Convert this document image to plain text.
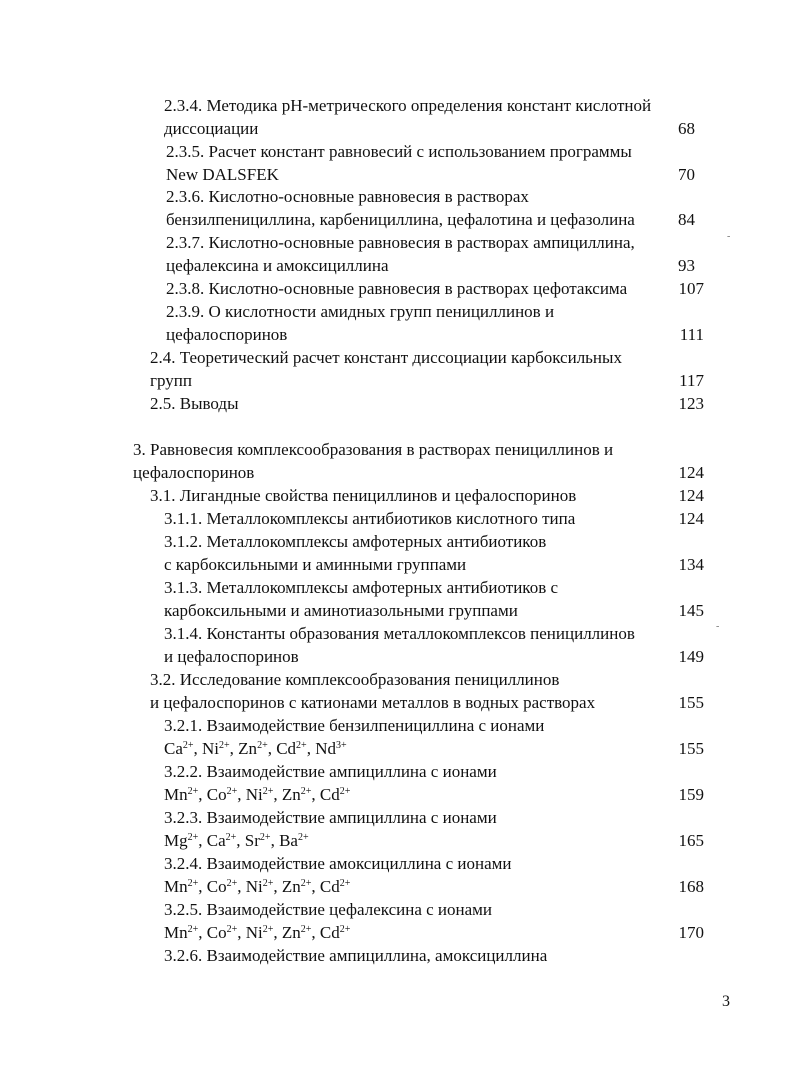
2.3.4. Методика pH-метрического определения констант кислотной
диссоциации	68
2.3.5. Расчет констант равновесий с использованием программы
New DALSFEK	70
2.3.6. Кислотно-основные равновесия в растворах
бензилпенициллина, карбенициллина, цефалотина и цефазолина	84
2.3.7. Кислотно-основные равновесия в растворах ампициллина,
цефалексина и амоксициллина	93
2.3.8. Кислотно-основные равновесия в растворах цефотаксима	107
2.3.9. О кислотности амидных групп пенициллинов и
цефалоспоринов	111
2.4. Теоретический расчет констант диссоциации карбоксильных
групп	117
2.5. Выводы	123
3. Равновесия комплексообразования в растворах пенициллинов и
цефалоспоринов	124
3.1. Лигандные свойства пенициллинов и цефалоспоринов	124
3.1.1. Металлокомплексы антибиотиков кислотного типа	124
3.1.2. Металлокомплексы амфотерных антибиотиков
с карбоксильными и аминными группами	134
3.1.3. Металлокомплексы амфотерных антибиотиков с
карбоксильными и аминотиазольными группами	145
3.1.4. Константы образования металлокомплексов пенициллинов
и цефалоспоринов	149
3.2. Исследование комплексообразования пенициллинов
и цефалоспоринов с катионами металлов в водных растворах	155
3.2.1. Взаимодействие бензилпенициллина с ионами
$Ca^{2+}$, $Ni^{2+}$, $Zn^{2+}$, $Cd^{2+}$, $Nd^{3+}$	155
3.2.2. Взаимодействие ампициллина с ионами
$Mn^{2+}$, $Co^{2+}$, $Ni^{2+}$, $Zn^{2+}$, $Cd^{2+}$	159
3.2.3. Взаимодействие ампициллина с ионами
$Mg^{2+}$, $Ca^{2+}$, $Sr^{2+}$, $Ba^{2+}$	165
3.2.4. Взаимодействие амоксициллина с ионами
$Mn^{2+}$, $Co^{2+}$, $Ni^{2+}$, $Zn^{2+}$, $Cd^{2+}$	168
3.2.5. Взаимодействие цефалексина с ионами
$Mn^{2+}$, $Co^{2+}$, $Ni^{2+}$, $Zn^{2+}$, $Cd^{2+}$	170
3.2.6. Взаимодействие ампициллина, амоксициллина
-
-
3
